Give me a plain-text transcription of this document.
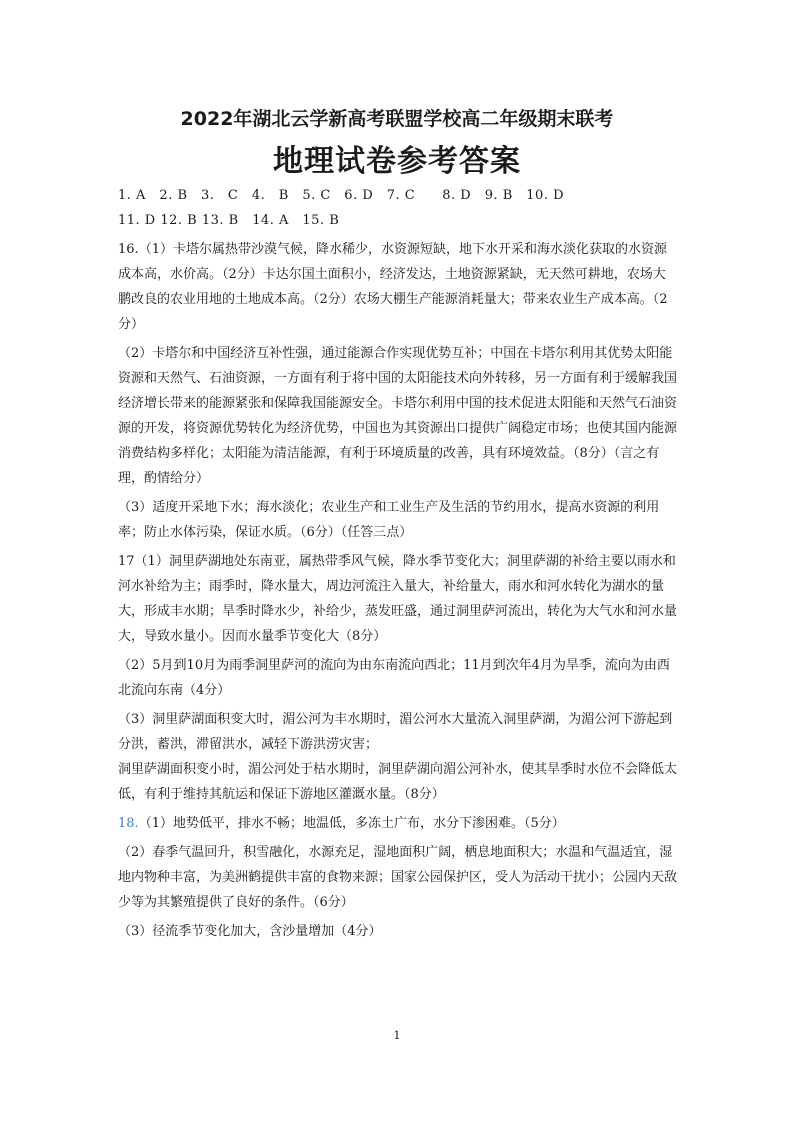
2022年湖北云学新高考联盟学校高二年级期末联考
地理试卷参考答案

1. A　2. B　3.　C　4.　B　5. C　6. D　7. C　　8. D　9. B　10. D

11. D 12. B 13. B　14. A　15. B

16.（1）卡塔尔属热带沙漠气候，降水稀少，水资源短缺，地下水开采和海水淡化获取的水资源成本高，水价高。（2分）卡达尔国土面积小，经济发达，土地资源紧缺，无天然可耕地，农场大鹏改良的农业用地的土地成本高。（2分）农场大棚生产能源消耗量大；带来农业生产成本高。（2分）

（2）卡塔尔和中国经济互补性强，通过能源合作实现优势互补；中国在卡塔尔利用其优势太阳能资源和天然气、石油资源，一方面有利于将中国的太阳能技术向外转移，另一方面有利于缓解我国经济增长带来的能源紧张和保障我国能源安全。卡塔尔利用中国的技术促进太阳能和天然气石油资源的开发，将资源优势转化为经济优势，中国也为其资源出口提供广阔稳定市场；也使其国内能源消费结构多样化；太阳能为清洁能源，有利于环境质量的改善，具有环境效益。（8分）（言之有理，酌情给分）

（3）适度开采地下水；海水淡化；农业生产和工业生产及生活的节约用水，提高水资源的利用率；防止水体污染，保证水质。（6分）（任答三点）

17（1）洞里萨湖地处东南亚，属热带季风气候，降水季节变化大；洞里萨湖的补给主要以雨水和河水补给为主；雨季时，降水量大，周边河流注入量大，补给量大，雨水和河水转化为湖水的量大，形成丰水期；旱季时降水少，补给少，蒸发旺盛，通过洞里萨河流出，转化为大气水和河水量大，导致水量小。因而水量季节变化大（8分）

（2）5月到10月为雨季洞里萨河的流向为由东南流向西北；11月到次年4月为旱季，流向为由西北流向东南（4分）

（3）洞里萨湖面积变大时，湄公河为丰水期时，湄公河水大量流入洞里萨湖，为湄公河下游起到分洪，蓄洪，滞留洪水，减轻下游洪涝灾害；

洞里萨湖面积变小时，湄公河处于枯水期时，洞里萨湖向湄公河补水，使其旱季时水位不会降低太低，有利于维持其航运和保证下游地区灌溉水量。（8分）

18.（1）地势低平，排水不畅；地温低，多冻土广布，水分下渗困难。（5分）

（2）春季气温回升，积雪融化，水源充足，湿地面积广阔，栖息地面积大；水温和气温适宜，湿地内物种丰富，为美洲鹤提供丰富的食物来源；国家公园保护区，受人为活动干扰小；公园内天敌少等为其繁殖提供了良好的条件。（6分）

（3）径流季节变化加大，含沙量增加（4分）

1
